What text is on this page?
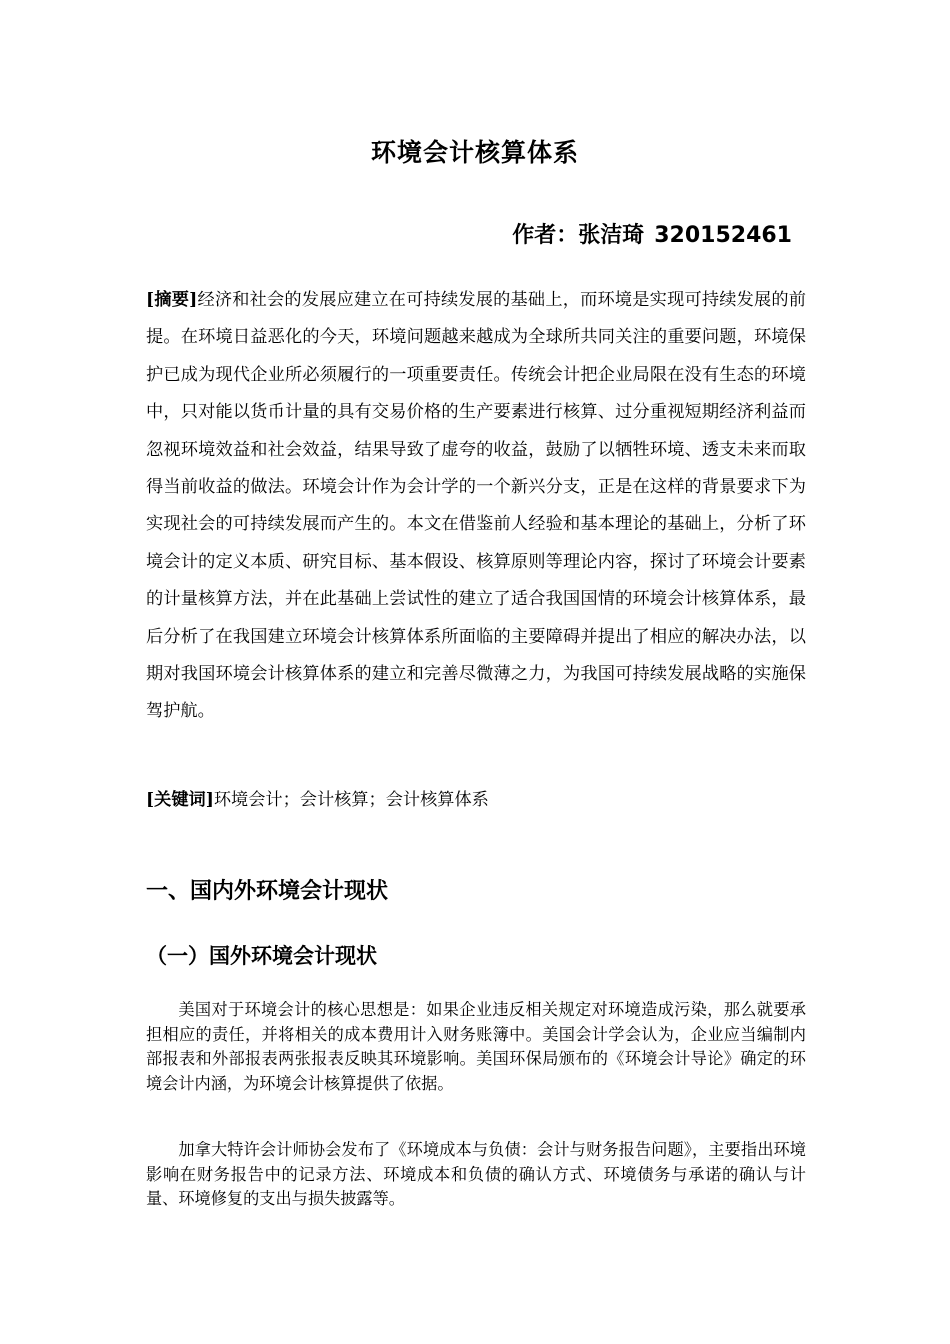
环境会计核算体系
作者：张洁琦 320152461
[摘要]经济和社会的发展应建立在可持续发展的基础上，而环境是实现可持续发展的前提。在环境日益恶化的今天，环境问题越来越成为全球所共同关注的重要问题，环境保护已成为现代企业所必须履行的一项重要责任。传统会计把企业局限在没有生态的环境中，只对能以货币计量的具有交易价格的生产要素进行核算、过分重视短期经济利益而忽视环境效益和社会效益，结果导致了虚夸的收益，鼓励了以牺牲环境、透支未来而取得当前收益的做法。环境会计作为会计学的一个新兴分支，正是在这样的背景要求下为实现社会的可持续发展而产生的。本文在借鉴前人经验和基本理论的基础上，分析了环境会计的定义本质、研究目标、基本假设、核算原则等理论内容，探讨了环境会计要素的计量核算方法，并在此基础上尝试性的建立了适合我国国情的环境会计核算体系，最后分析了在我国建立环境会计核算体系所面临的主要障碍并提出了相应的解决办法，以期对我国环境会计核算体系的建立和完善尽微薄之力，为我国可持续发展战略的实施保驾护航。
[关键词]环境会计；会计核算；会计核算体系
一、国内外环境会计现状
（一）国外环境会计现状
美国对于环境会计的核心思想是：如果企业违反相关规定对环境造成污染，那么就要承担相应的责任，并将相关的成本费用计入财务账簿中。美国会计学会认为，企业应当编制内部报表和外部报表两张报表反映其环境影响。美国环保局颁布的《环境会计导论》确定的环境会计内涵，为环境会计核算提供了依据。
加拿大特许会计师协会发布了《环境成本与负债：会计与财务报告问题》，主要指出环境影响在财务报告中的记录方法、环境成本和负债的确认方式、环境债务与承诺的确认与计量、环境修复的支出与损失披露等。
